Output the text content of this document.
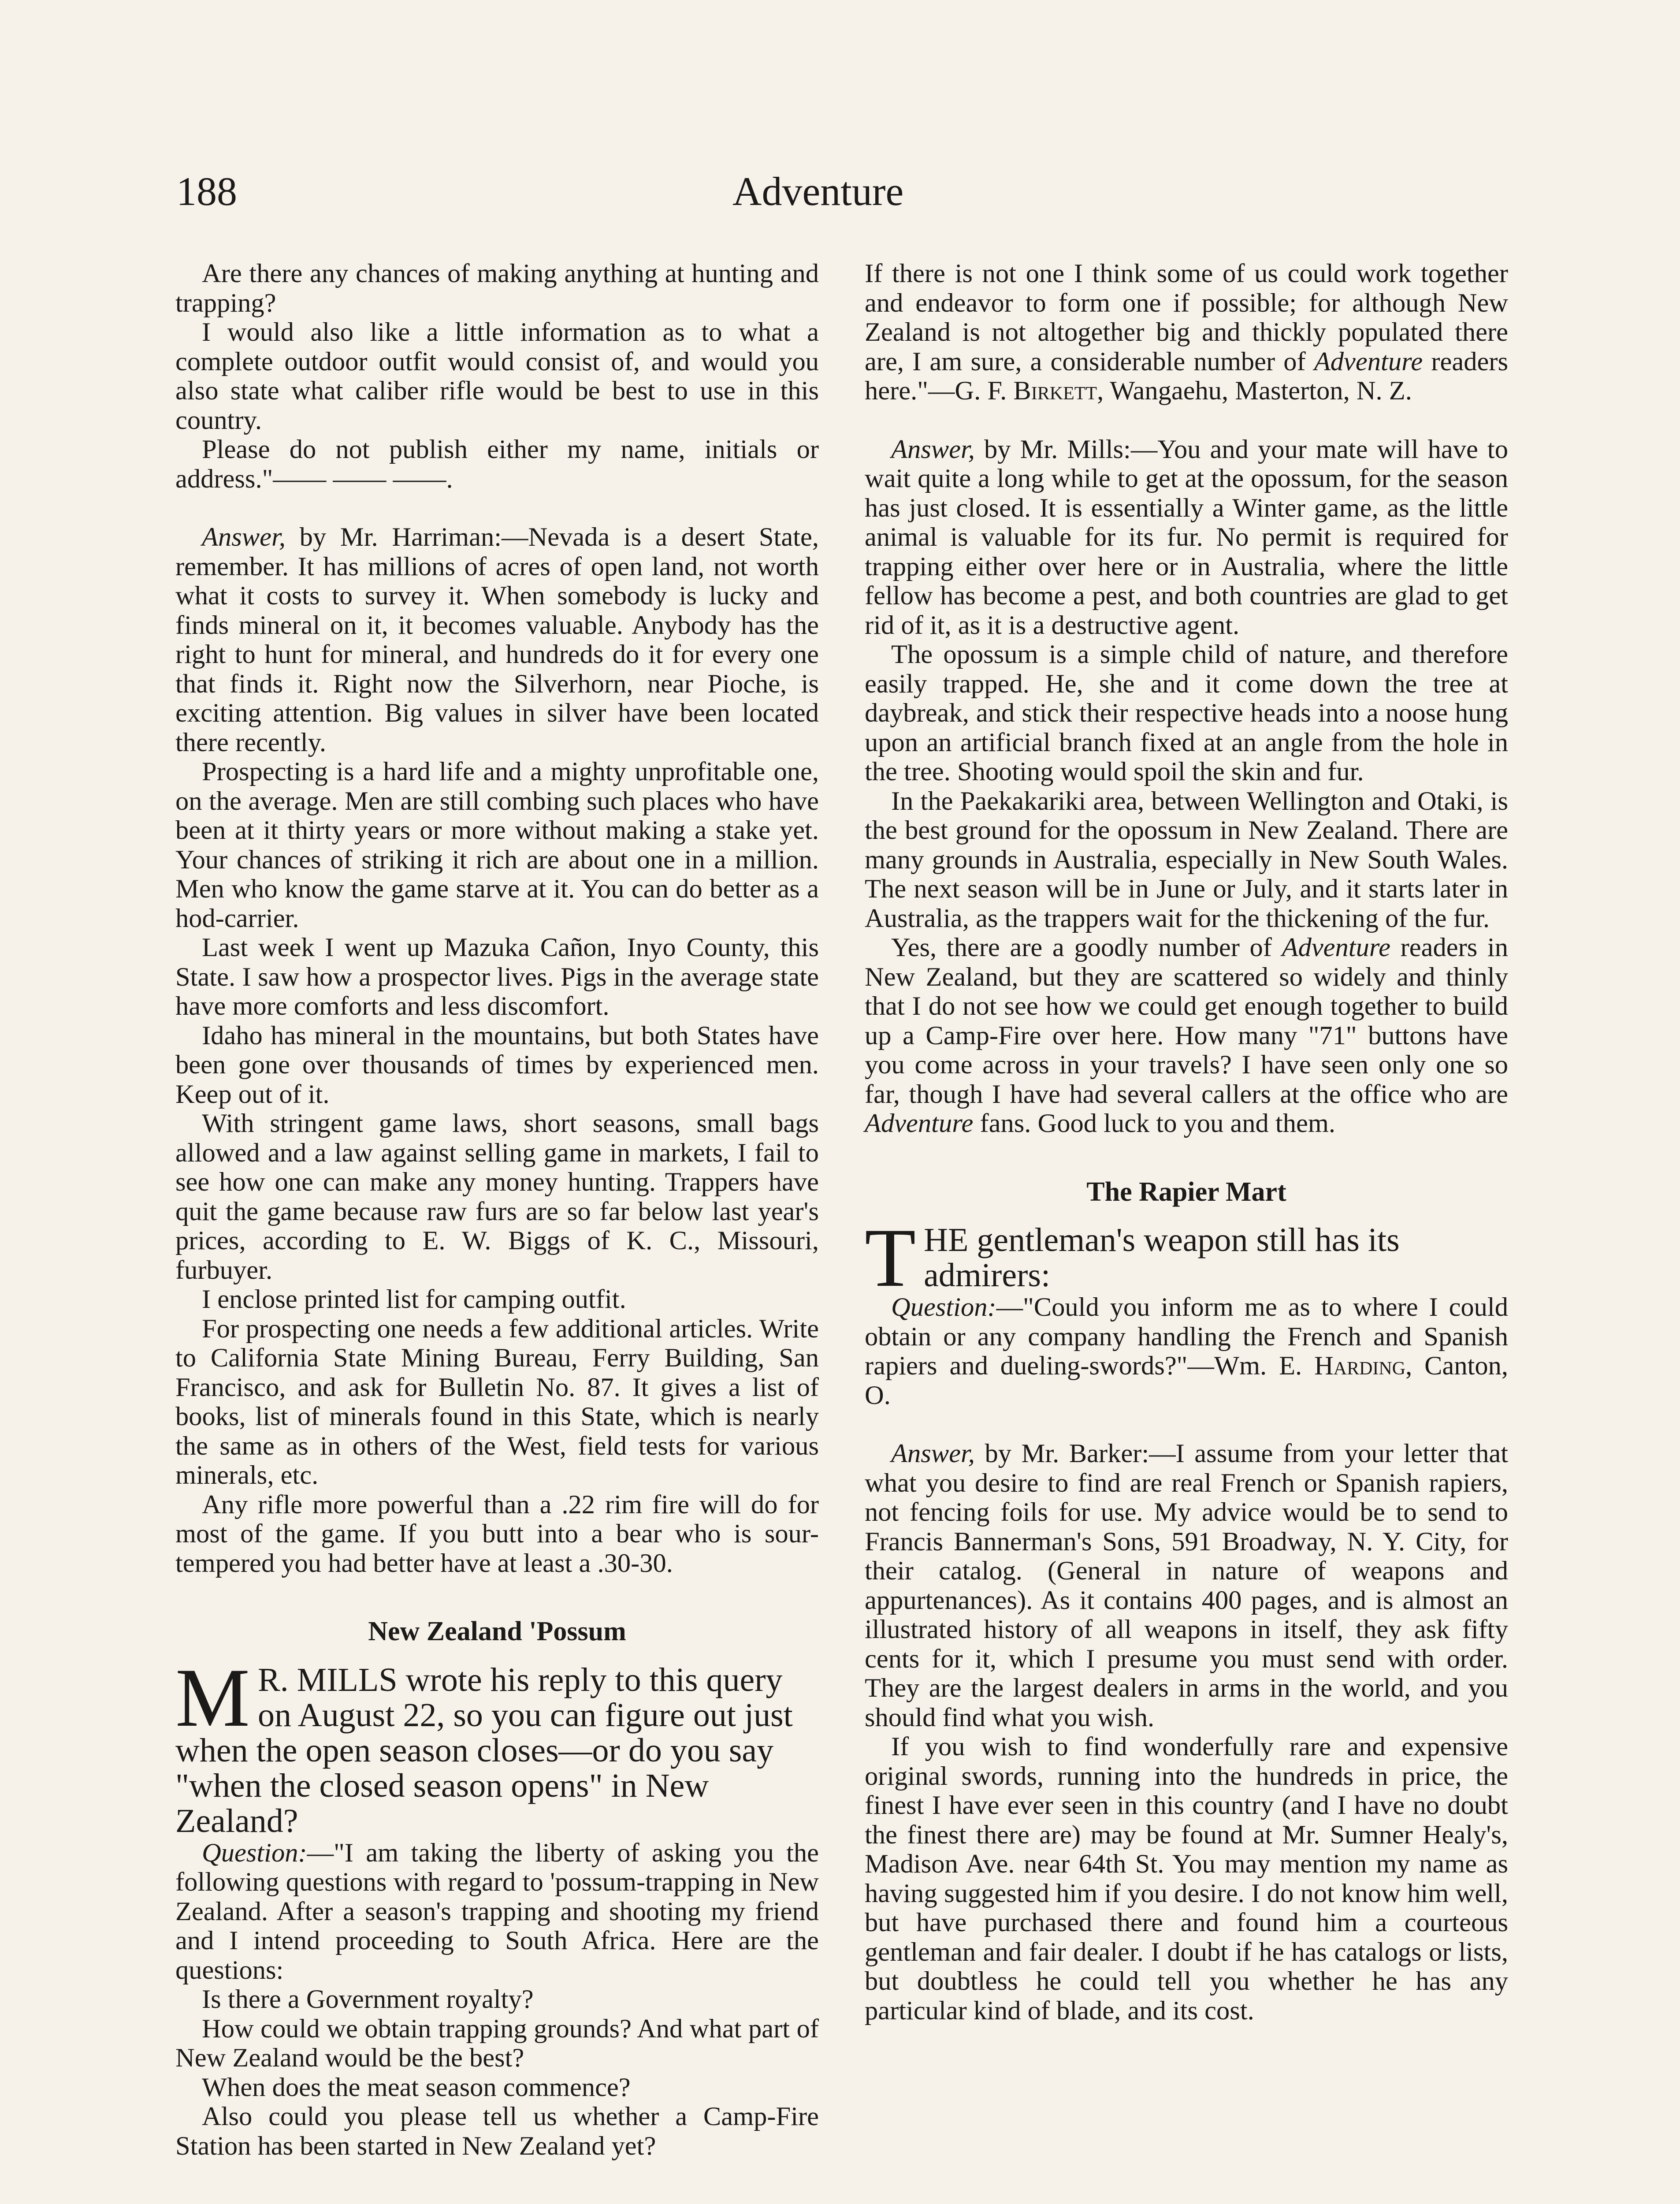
188	Adventure

Are there any chances of making anything at hunting and trapping?

I would also like a little information as to what a complete outdoor outfit would consist of, and would you also state what caliber rifle would be best to use in this country.

Please do not publish either my name, initials or address."—— —— ——.

Answer, by Mr. Harriman:—Nevada is a desert State, remember. It has millions of acres of open land, not worth what it costs to survey it. When somebody is lucky and finds mineral on it, it becomes valuable. Anybody has the right to hunt for mineral, and hundreds do it for every one that finds it. Right now the Silverhorn, near Pioche, is exciting attention. Big values in silver have been located there recently.

Prospecting is a hard life and a mighty unprofitable one, on the average. Men are still combing such places who have been at it thirty years or more without making a stake yet. Your chances of striking it rich are about one in a million. Men who know the game starve at it. You can do better as a hod-carrier.

Last week I went up Mazuka Cañon, Inyo County, this State. I saw how a prospector lives. Pigs in the average state have more comforts and less discomfort.

Idaho has mineral in the mountains, but both States have been gone over thousands of times by experienced men. Keep out of it.

With stringent game laws, short seasons, small bags allowed and a law against selling game in markets, I fail to see how one can make any money hunting. Trappers have quit the game because raw furs are so far below last year's prices, according to E. W. Biggs of K. C., Missouri, furbuyer.

I enclose printed list for camping outfit.

For prospecting one needs a few additional articles. Write to California State Mining Bureau, Ferry Building, San Francisco, and ask for Bulletin No. 87. It gives a list of books, list of minerals found in this State, which is nearly the same as in others of the West, field tests for various minerals, etc.

Any rifle more powerful than a .22 rim fire will do for most of the game. If you butt into a bear who is sour-tempered you had better have at least a .30-30.

New Zealand 'Possum

M R. MILLS wrote his reply to this query on August 22, so you can figure out just when the open season closes—or do you say "when the closed season opens" in New Zealand?

Question:—"I am taking the liberty of asking you the following questions with regard to 'possum-trapping in New Zealand. After a season's trapping and shooting my friend and I intend proceeding to South Africa. Here are the questions:

Is there a Government royalty?

How could we obtain trapping grounds? And what part of New Zealand would be the best?

When does the meat season commence?

Also could you please tell us whether a Camp-Fire Station has been started in New Zealand yet?

If there is not one I think some of us could work together and endeavor to form one if possible; for although New Zealand is not altogether big and thickly populated there are, I am sure, a considerable number of Adventure readers here."—G. F. Birkett, Wangaehu, Masterton, N. Z.

Answer, by Mr. Mills:—You and your mate will have to wait quite a long while to get at the opossum, for the season has just closed. It is essentially a Winter game, as the little animal is valuable for its fur. No permit is required for trapping either over here or in Australia, where the little fellow has become a pest, and both countries are glad to get rid of it, as it is a destructive agent.

The opossum is a simple child of nature, and therefore easily trapped. He, she and it come down the tree at daybreak, and stick their respective heads into a noose hung upon an artificial branch fixed at an angle from the hole in the tree. Shooting would spoil the skin and fur.

In the Paekakariki area, between Wellington and Otaki, is the best ground for the opossum in New Zealand. There are many grounds in Australia, especially in New South Wales. The next season will be in June or July, and it starts later in Australia, as the trappers wait for the thickening of the fur.

Yes, there are a goodly number of Adventure readers in New Zealand, but they are scattered so widely and thinly that I do not see how we could get enough together to build up a Camp-Fire over here. How many "71" buttons have you come across in your travels? I have seen only one so far, though I have had several callers at the office who are Adventure fans. Good luck to you and them.

The Rapier Mart

THE gentleman's weapon still has its admirers:

Question:—"Could you inform me as to where I could obtain or any company handling the French and Spanish rapiers and dueling-swords?"—Wm. E. Harding, Canton, O.

Answer, by Mr. Barker:—I assume from your letter that what you desire to find are real French or Spanish rapiers, not fencing foils for use. My advice would be to send to Francis Bannerman's Sons, 591 Broadway, N. Y. City, for their catalog. (General in nature of weapons and appurtenances). As it contains 400 pages, and is almost an illustrated history of all weapons in itself, they ask fifty cents for it, which I presume you must send with order. They are the largest dealers in arms in the world, and you should find what you wish.

If you wish to find wonderfully rare and expensive original swords, running into the hundreds in price, the finest I have ever seen in this country (and I have no doubt the finest there are) may be found at Mr. Sumner Healy's, Madison Ave. near 64th St. You may mention my name as having suggested him if you desire. I do not know him well, but have purchased there and found him a courteous gentleman and fair dealer. I doubt if he has catalogs or lists, but doubtless he could tell you whether he has any particular kind of blade, and its cost.
